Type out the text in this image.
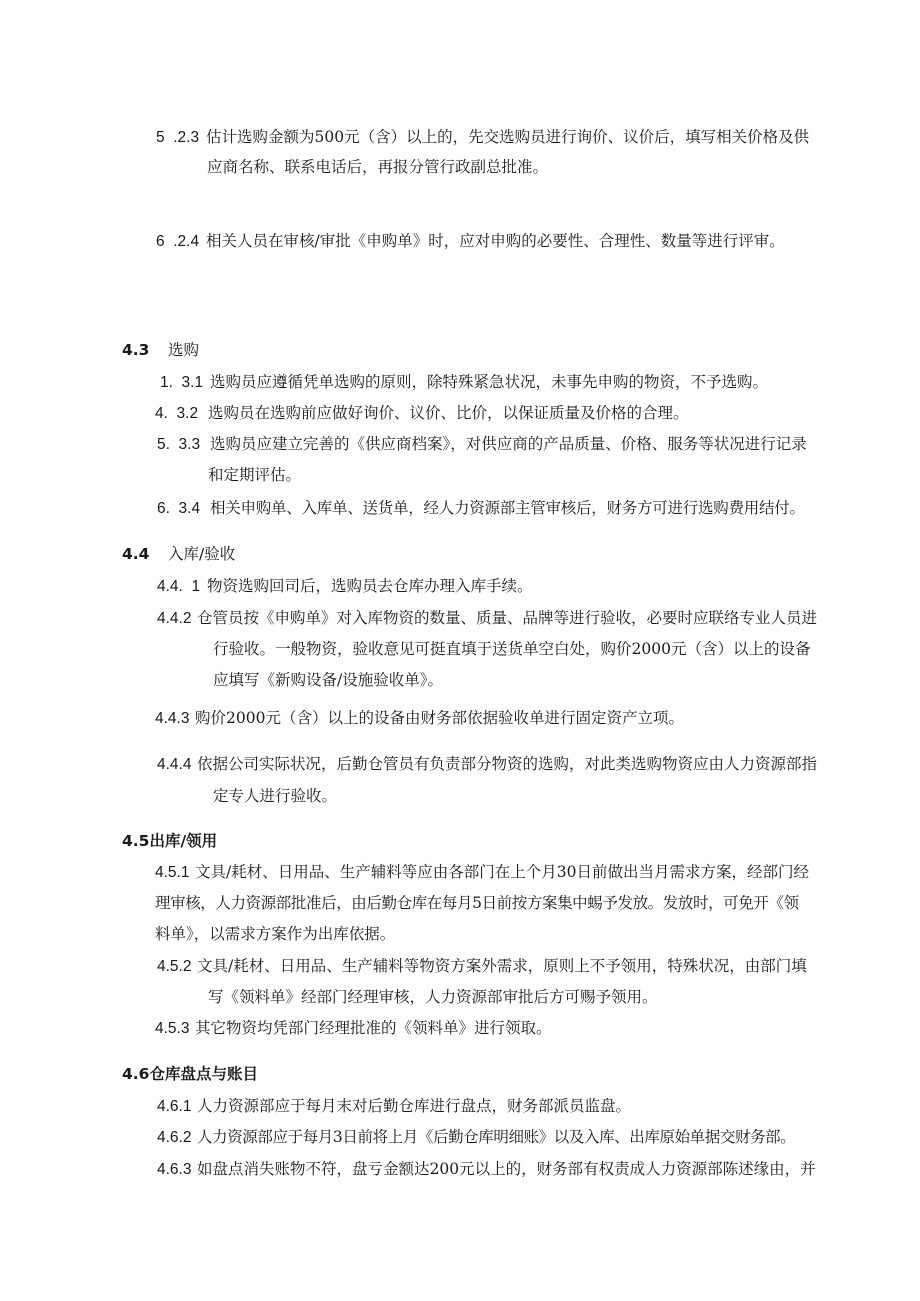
5  .2.3 估计选购金额为500元（含）以上的，先交选购员进行询价、议价后，填写相关价格及供
应商名称、联系电话后，再报分管行政副总批准。
6  .2.4 相关人员在审核/审批《申购单》时，应对申购的必要性、合理性、数量等进行评审。
4.3 选购
1.  3.1 选购员应遵循凭单选购的原则，除特殊紧急状况，未事先申购的物资，不予选购。
4.  3.2 选购员在选购前应做好询价、议价、比价，以保证质量及价格的合理。
5.  3.3 选购员应建立完善的《供应商档案》，对供应商的产品质量、价格、服务等状况进行记录
和定期评估。
6.  3.4 相关申购单、入库单、送货单，经人力资源部主管审核后，财务方可进行选购费用结付。
4.4 入库/验收
4.4.  1 物资选购回司后，选购员去仓库办理入库手续。
4.4.2 仓管员按《申购单》对入库物资的数量、质量、品牌等进行验收，必要时应联络专业人员进
行验收。一般物资，验收意见可挺直填于送货单空白处，购价2000元（含）以上的设备
应填写《新购设备/设施验收单》。
4.4.3 购价2000元（含）以上的设备由财务部依据验收单进行固定资产立项。
4.4.4 依据公司实际状况，后勤仓管员有负责部分物资的选购，对此类选购物资应由人力资源部指
定专人进行验收。
4.5出库/领用
4.5.1 文具/耗材、日用品、生产辅料等应由各部门在上个月30日前做出当月需求方案，经部门经
理审核，人力资源部批准后，由后勤仓库在每月5日前按方案集中蜴予发放。发放时，可免开《领
料单》，以需求方案作为出库依据。
4.5.2 文具/耗材、日用品、生产辅料等物资方案外需求，原则上不予领用，特殊状况，由部门填
写《领料单》经部门经理审核，人力资源部审批后方可赐予领用。
4.5.3 其它物资均凭部门经理批准的《领料单》进行领取。
4.6仓库盘点与账目
4.6.1 人力资源部应于每月末对后勤仓库进行盘点，财务部派员监盘。
4.6.2 人力资源部应于每月3日前将上月《后勤仓库明细账》以及入库、出库原始单据交财务部。
4.6.3 如盘点消失账物不符，盘亏金额达200元以上的，财务部有权责成人力资源部陈述缘由，并
